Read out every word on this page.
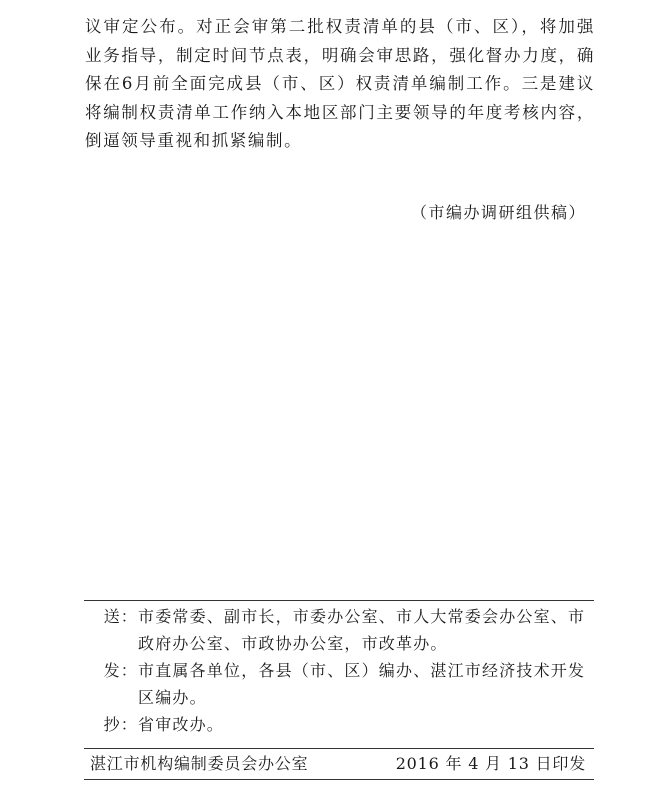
议审定公布。对正会审第二批权责清单的县（市、区），将加强业务指导，制定时间节点表，明确会审思路，强化督办力度，确保在6月前全面完成县（市、区）权责清单编制工作。三是建议将编制权责清单工作纳入本地区部门主要领导的年度考核内容，倒逼领导重视和抓紧编制。

（市编办调研组供稿）
送： 市委常委、副市长，市委办公室、市人大常委会办公室、市政府办公室、市政协办公室，市改革办。
发： 市直属各单位，各县（市、区）编办、湛江市经济技术开发区编办。
抄： 省审改办。
湛江市机构编制委员会办公室	2016 年 4 月 13 日印发
